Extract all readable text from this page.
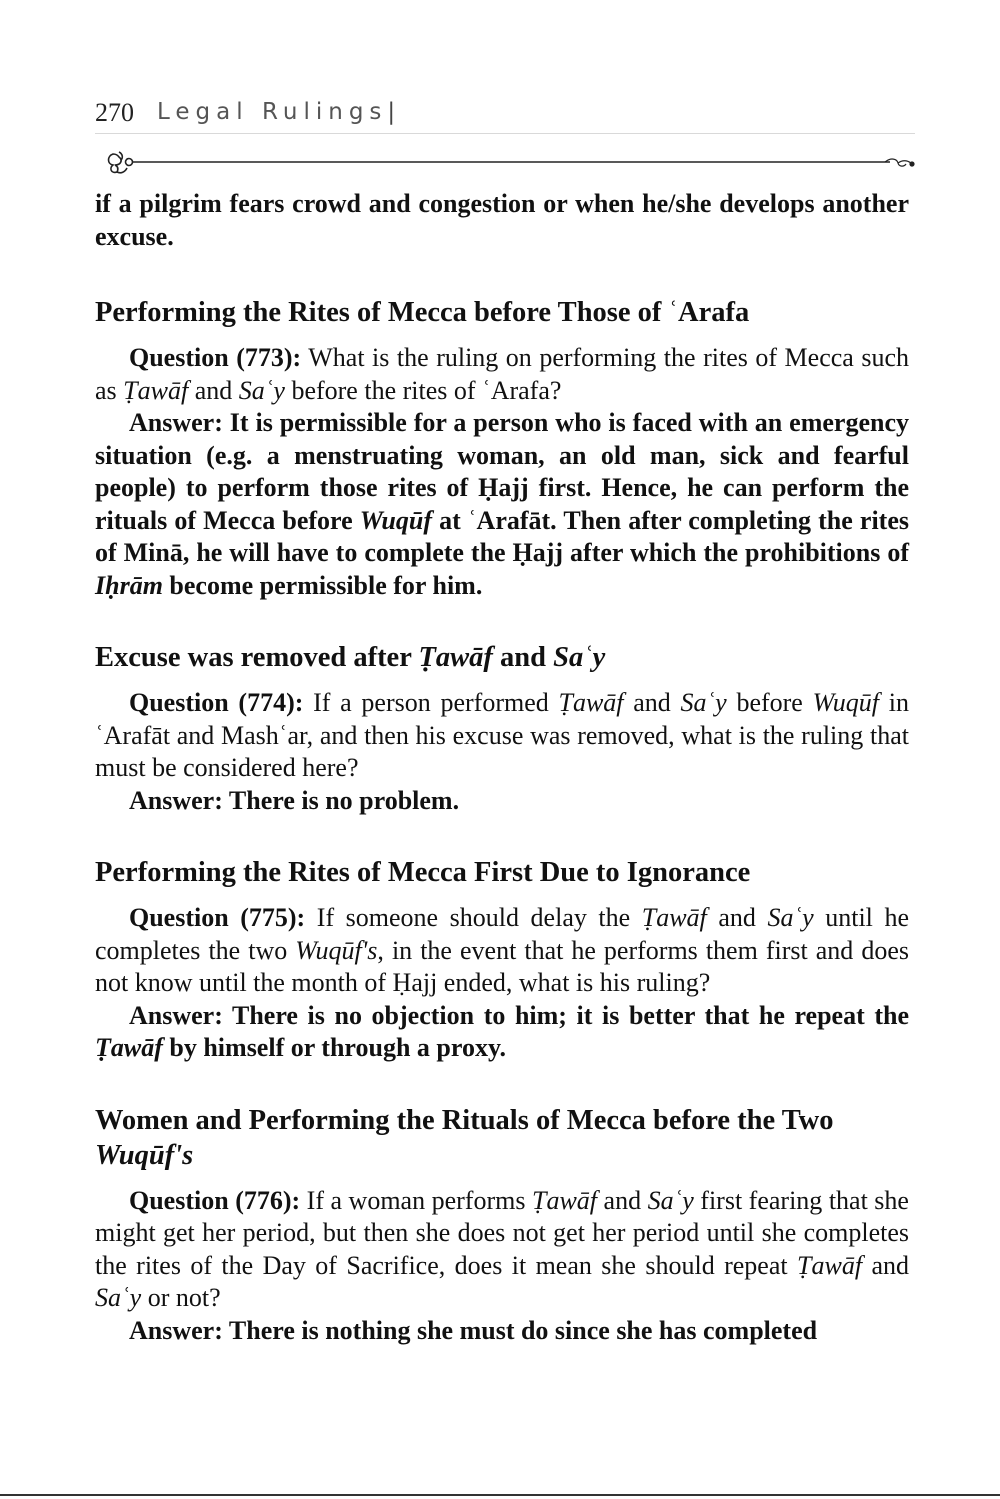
270 Legal Rulings|

if a pilgrim fears crowd and congestion or when he/she develops another excuse.

Performing the Rites of Mecca before Those of ʿArafa

Question (773): What is the ruling on performing the rites of Mecca such as Ṭawāf and Saʿy before the rites of ʿArafa?

Answer: It is permissible for a person who is faced with an emergency situation (e.g. a menstruating woman, an old man, sick and fearful people) to perform those rites of Ḥajj first. Hence, he can perform the rituals of Mecca before Wuqūf at ʿArafāt. Then after completing the rites of Minā, he will have to complete the Ḥajj after which the prohibitions of Iḥrām become permissible for him.

Excuse was removed after Ṭawāf and Saʿy

Question (774): If a person performed Ṭawāf and Saʿy before Wuqūf in ʿArafāt and Mashʿar, and then his excuse was removed, what is the ruling that must be considered here?

Answer: There is no problem.

Performing the Rites of Mecca First Due to Ignorance

Question (775): If someone should delay the Ṭawāf and Saʿy until he completes the two Wuqūf's, in the event that he performs them first and does not know until the month of Ḥajj ended, what is his ruling?

Answer: There is no objection to him; it is better that he repeat the Ṭawāf by himself or through a proxy.

Women and Performing the Rituals of Mecca before the Two Wuqūf's

Question (776): If a woman performs Ṭawāf and Saʿy first fearing that she might get her period, but then she does not get her period until she completes the rites of the Day of Sacrifice, does it mean she should repeat Ṭawāf and Saʿy or not?

Answer: There is nothing she must do since she has completed
